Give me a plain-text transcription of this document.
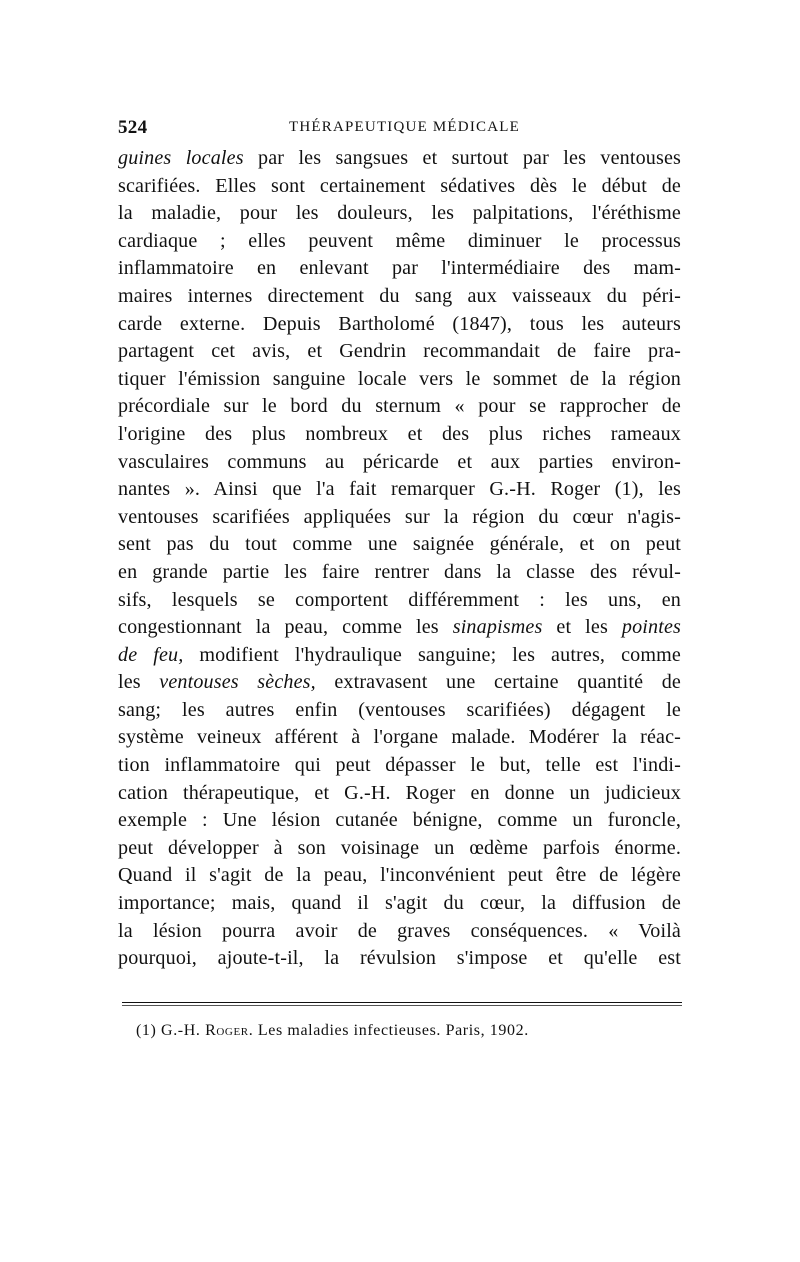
524	THÉRAPEUTIQUE MÉDICALE
guines locales par les sangsues et surtout par les ventouses
scarifiées. Elles sont certainement sédatives dès le début de
la maladie, pour les douleurs, les palpitations, l'éréthisme
cardiaque ; elles peuvent même diminuer le processus
inflammatoire en enlevant par l'intermédiaire des mam-
maires internes directement du sang aux vaisseaux du péri-
carde externe. Depuis Bartholomé (1847), tous les auteurs
partagent cet avis, et Gendrin recommandait de faire pra-
tiquer l'émission sanguine locale vers le sommet de la région
précordiale sur le bord du sternum « pour se rapprocher de
l'origine des plus nombreux et des plus riches rameaux
vasculaires communs au péricarde et aux parties environ-
nantes ». Ainsi que l'a fait remarquer G.-H. Roger (1), les
ventouses scarifiées appliquées sur la région du cœur n'agis-
sent pas du tout comme une saignée générale, et on peut
en grande partie les faire rentrer dans la classe des révul-
sifs, lesquels se comportent différemment : les uns, en
congestionnant la peau, comme les sinapismes et les pointes
de feu, modifient l'hydraulique sanguine; les autres, comme
les ventouses sèches, extravasent une certaine quantité de
sang; les autres enfin (ventouses scarifiées) dégagent le
système veineux afférent à l'organe malade. Modérer la réac-
tion inflammatoire qui peut dépasser le but, telle est l'indi-
cation thérapeutique, et G.-H. Roger en donne un judicieux
exemple : Une lésion cutanée bénigne, comme un furoncle,
peut développer à son voisinage un œdème parfois énorme.
Quand il s'agit de la peau, l'inconvénient peut être de légère
importance; mais, quand il s'agit du cœur, la diffusion de
la lésion pourra avoir de graves conséquences. « Voilà
pourquoi, ajoute-t-il, la révulsion s'impose et qu'elle est
(1) G.-H. Roger. Les maladies infectieuses. Paris, 1902.
